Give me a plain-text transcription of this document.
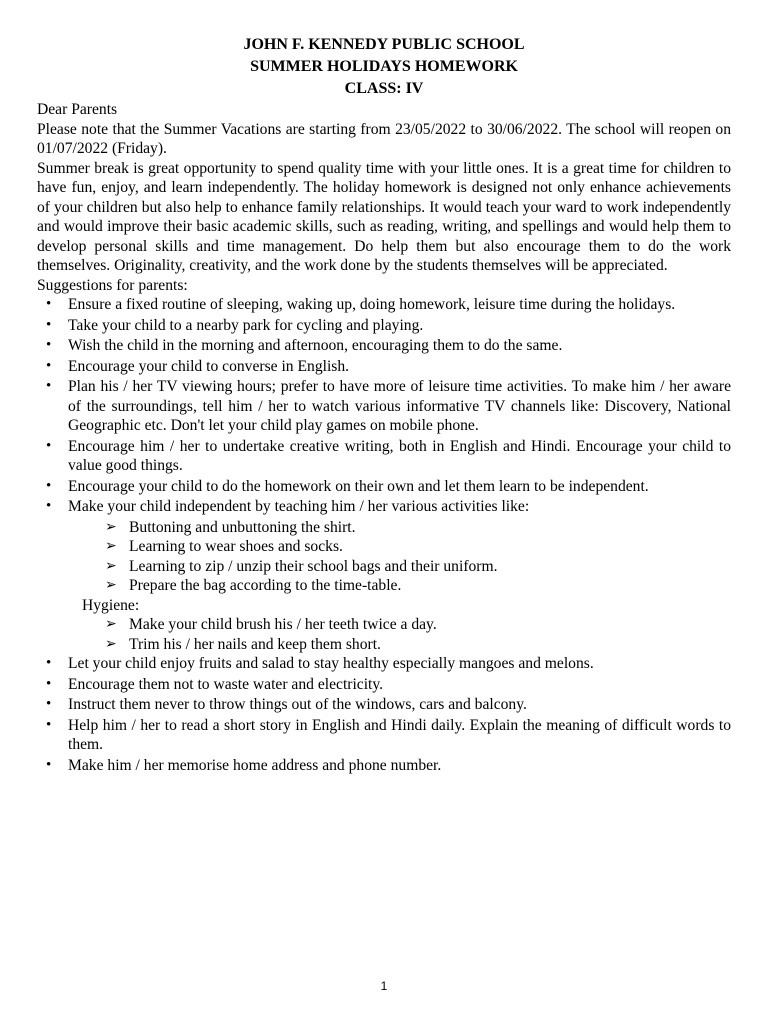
JOHN F. KENNEDY PUBLIC SCHOOL

SUMMER HOLIDAYS HOMEWORK

CLASS: IV

Dear Parents

Please note that the Summer Vacations are starting from 23/05/2022 to 30/06/2022. The school will reopen on 01/07/2022 (Friday).

Summer break is great opportunity to spend quality time with your little ones. It is a great time for children to have fun, enjoy, and learn independently. The holiday homework is designed not only enhance achievements of your children but also help to enhance family relationships. It would teach your ward to work independently and would improve their basic academic skills, such as reading, writing, and spellings and would help them to develop personal skills and time management. Do help them but also encourage them to do the work themselves. Originality, creativity, and the work done by the students themselves will be appreciated.

Suggestions for parents:

• Ensure a fixed routine of sleeping, waking up, doing homework, leisure time during the holidays.
• Take your child to a nearby park for cycling and playing.
• Wish the child in the morning and afternoon, encouraging them to do the same.
• Encourage your child to converse in English.
• Plan his / her TV viewing hours; prefer to have more of leisure time activities. To make him / her aware of the surroundings, tell him / her to watch various informative TV channels like: Discovery, National Geographic etc. Don't let your child play games on mobile phone.
• Encourage him / her to undertake creative writing, both in English and Hindi. Encourage your child to value good things.
• Encourage your child to do the homework on their own and let them learn to be independent.
• Make your child independent by teaching him / her various activities like:
➢ Buttoning and unbuttoning the shirt.
➢ Learning to wear shoes and socks.
➢ Learning to zip / unzip their school bags and their uniform.
➢ Prepare the bag according to the time-table.

Hygiene:

➢ Make your child brush his / her teeth twice a day.
➢ Trim his / her nails and keep them short.
• Let your child enjoy fruits and salad to stay healthy especially mangoes and melons.
• Encourage them not to waste water and electricity.
• Instruct them never to throw things out of the windows, cars and balcony.
• Help him / her to read a short story in English and Hindi daily. Explain the meaning of difficult words to them.
• Make him / her memorise home address and phone number.
1
